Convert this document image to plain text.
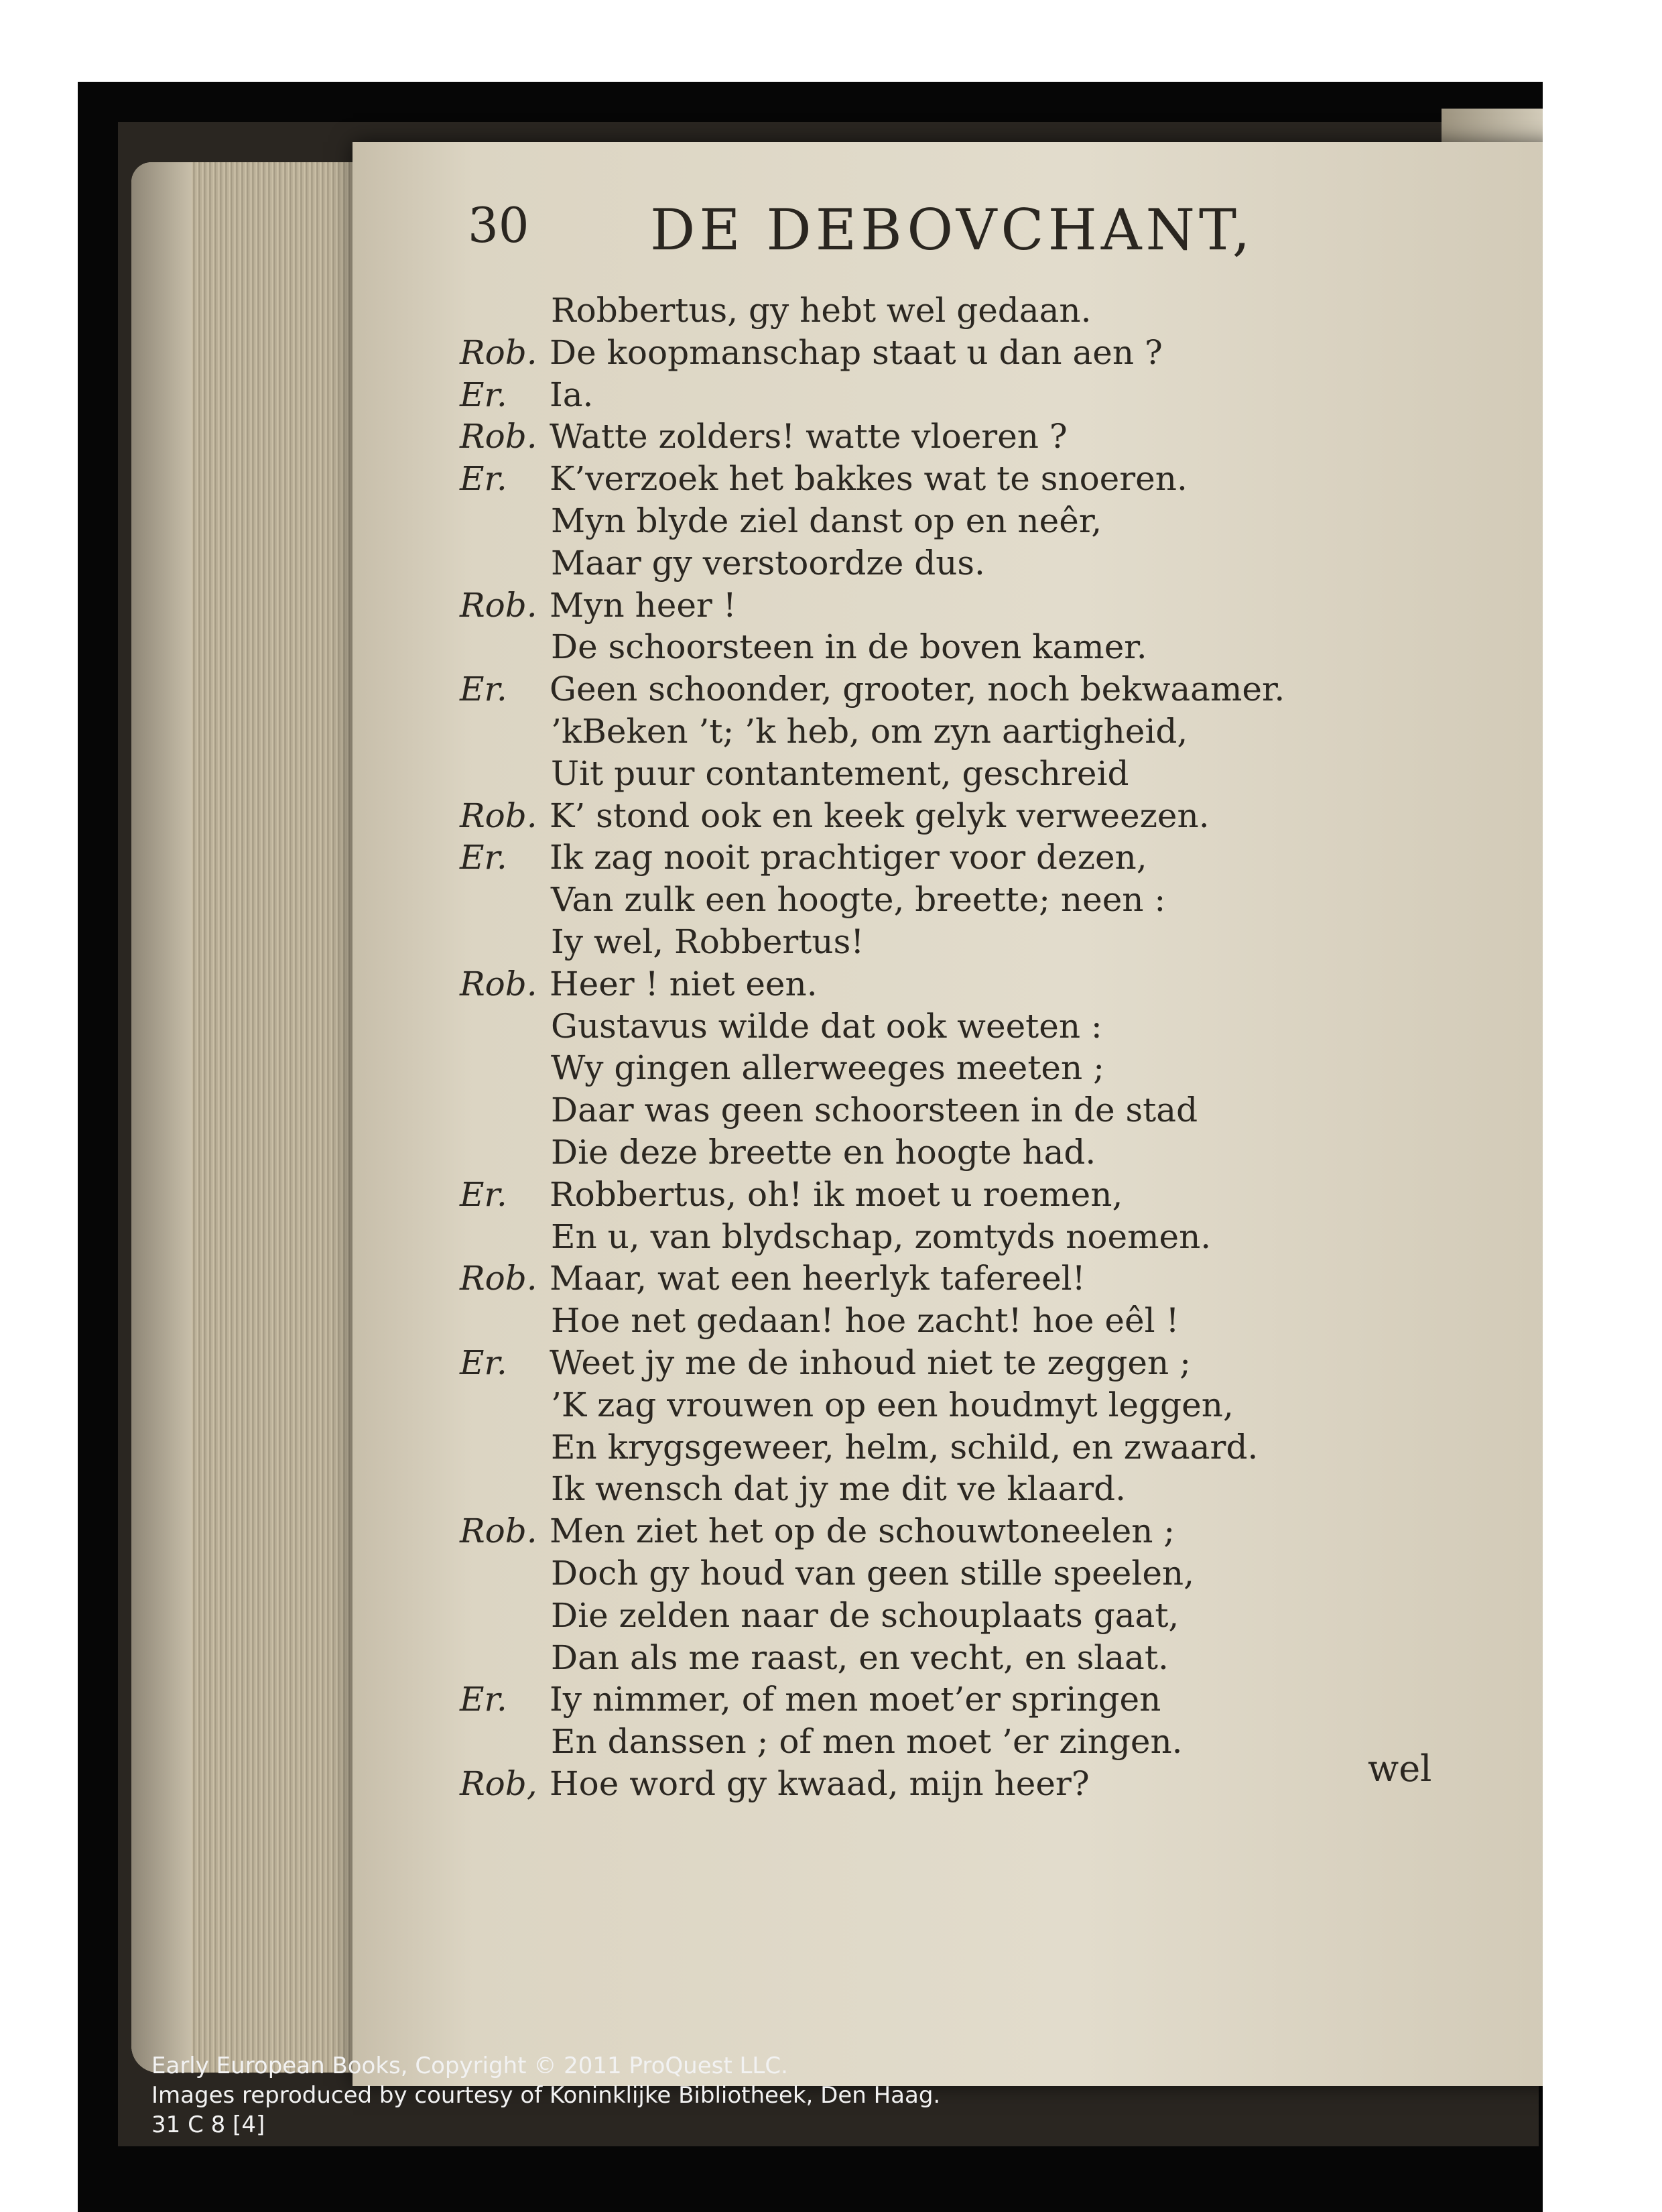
30 DE DEBOVCHANT,
Robbertus, gy hebt wel gedaan.
Rob. De koopmanschap staat u dan aen ?
Er. Ia.
Rob. Watte zolders! watte vloeren ?
Er. K’verzoek het bakkes wat te snoeren.
Myn blyde ziel danst op en neêr,
Maar gy verstoordze dus.
Rob. Myn heer !
De schoorsteen in de boven kamer.
Er. Geen schoonder, grooter, noch bekwaamer.
’kBeken ’t; ’k heb, om zyn aartigheid,
Uit puur contantement, geschreid
Rob. K’ stond ook en keek gelyk verweezen.
Er. Ik zag nooit prachtiger voor dezen,
Van zulk een hoogte, breette; neen :
Iy wel, Robbertus!
Rob. Heer ! niet een.
Gustavus wilde dat ook weeten :
Wy gingen allerweeges meeten ;
Daar was geen schoorsteen in de stad
Die deze breette en hoogte had.
Er. Robbertus, oh! ik moet u roemen,
En u, van blydschap, zomtyds noemen.
Rob. Maar, wat een heerlyk tafereel!
Hoe net gedaan! hoe zacht! hoe eêl !
Er. Weet jy me de inhoud niet te zeggen ;
’K zag vrouwen op een houdmyt leggen,
En krygsgeweer, helm, schild, en zwaard.
Ik wensch dat jy me dit ve klaard.
Rob. Men ziet het op de schouwtoneelen ;
Doch gy houd van geen stille speelen,
Die zelden naar de schouplaats gaat,
Dan als me raast, en vecht, en slaat.
Er. Iy nimmer, of men moet’er springen
En danssen ; of men moet ’er zingen.
Rob, Hoe word gy kwaad, mijn heer?	wel
Early European Books, Copyright © 2011 ProQuest LLC.
Images reproduced by courtesy of Koninklijke Bibliotheek, Den Haag.
31 C 8 [4]
